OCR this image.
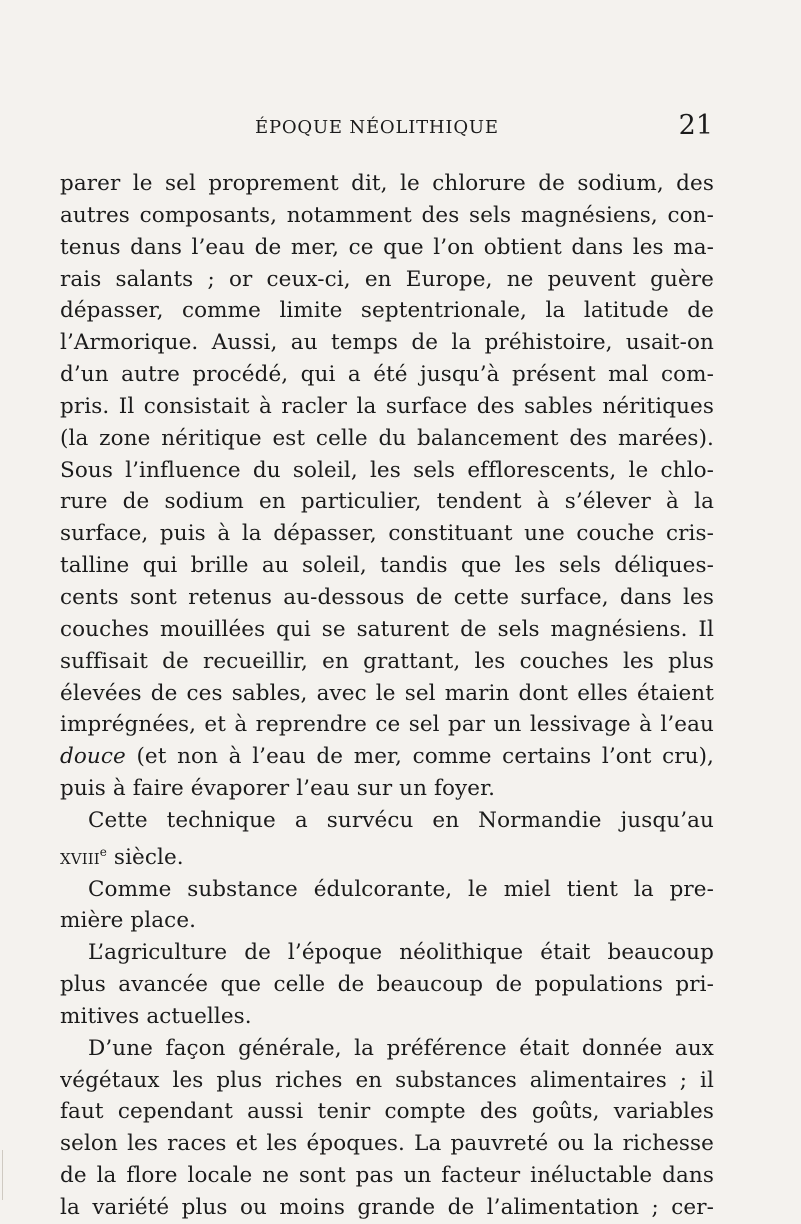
ÉPOQUE NÉOLITHIQUE	21
parer le sel proprement dit, le chlorure de sodium, des
autres composants, notamment des sels magnésiens, con-
tenus dans l’eau de mer, ce que l’on obtient dans les ma-
rais salants ; or ceux-ci, en Europe, ne peuvent guère
dépasser, comme limite septentrionale, la latitude de
l’Armorique. Aussi, au temps de la préhistoire, usait-on
d’un autre procédé, qui a été jusqu’à présent mal com-
pris. Il consistait à racler la surface des sables néritiques
(la zone néritique est celle du balancement des marées).
Sous l’influence du soleil, les sels efflorescents, le chlo-
rure de sodium en particulier, tendent à s’élever à la
surface, puis à la dépasser, constituant une couche cris-
talline qui brille au soleil, tandis que les sels déliques-
cents sont retenus au-dessous de cette surface, dans les
couches mouillées qui se saturent de sels magnésiens. Il
suffisait de recueillir, en grattant, les couches les plus
élevées de ces sables, avec le sel marin dont elles étaient
imprégnées, et à reprendre ce sel par un lessivage à l’eau
douce (et non à l’eau de mer, comme certains l’ont cru),
puis à faire évaporer l’eau sur un foyer.
Cette technique a survécu en Normandie jusqu’au
xviii$^e$ siècle.
Comme substance édulcorante, le miel tient la pre-
mière place.
L’agriculture de l’époque néolithique était beaucoup
plus avancée que celle de beaucoup de populations pri-
mitives actuelles.
D’une façon générale, la préférence était donnée aux
végétaux les plus riches en substances alimentaires ; il
faut cependant aussi tenir compte des goûts, variables
selon les races et les époques. La pauvreté ou la richesse
de la flore locale ne sont pas un facteur inéluctable dans
la variété plus ou moins grande de l’alimentation ; cer-
